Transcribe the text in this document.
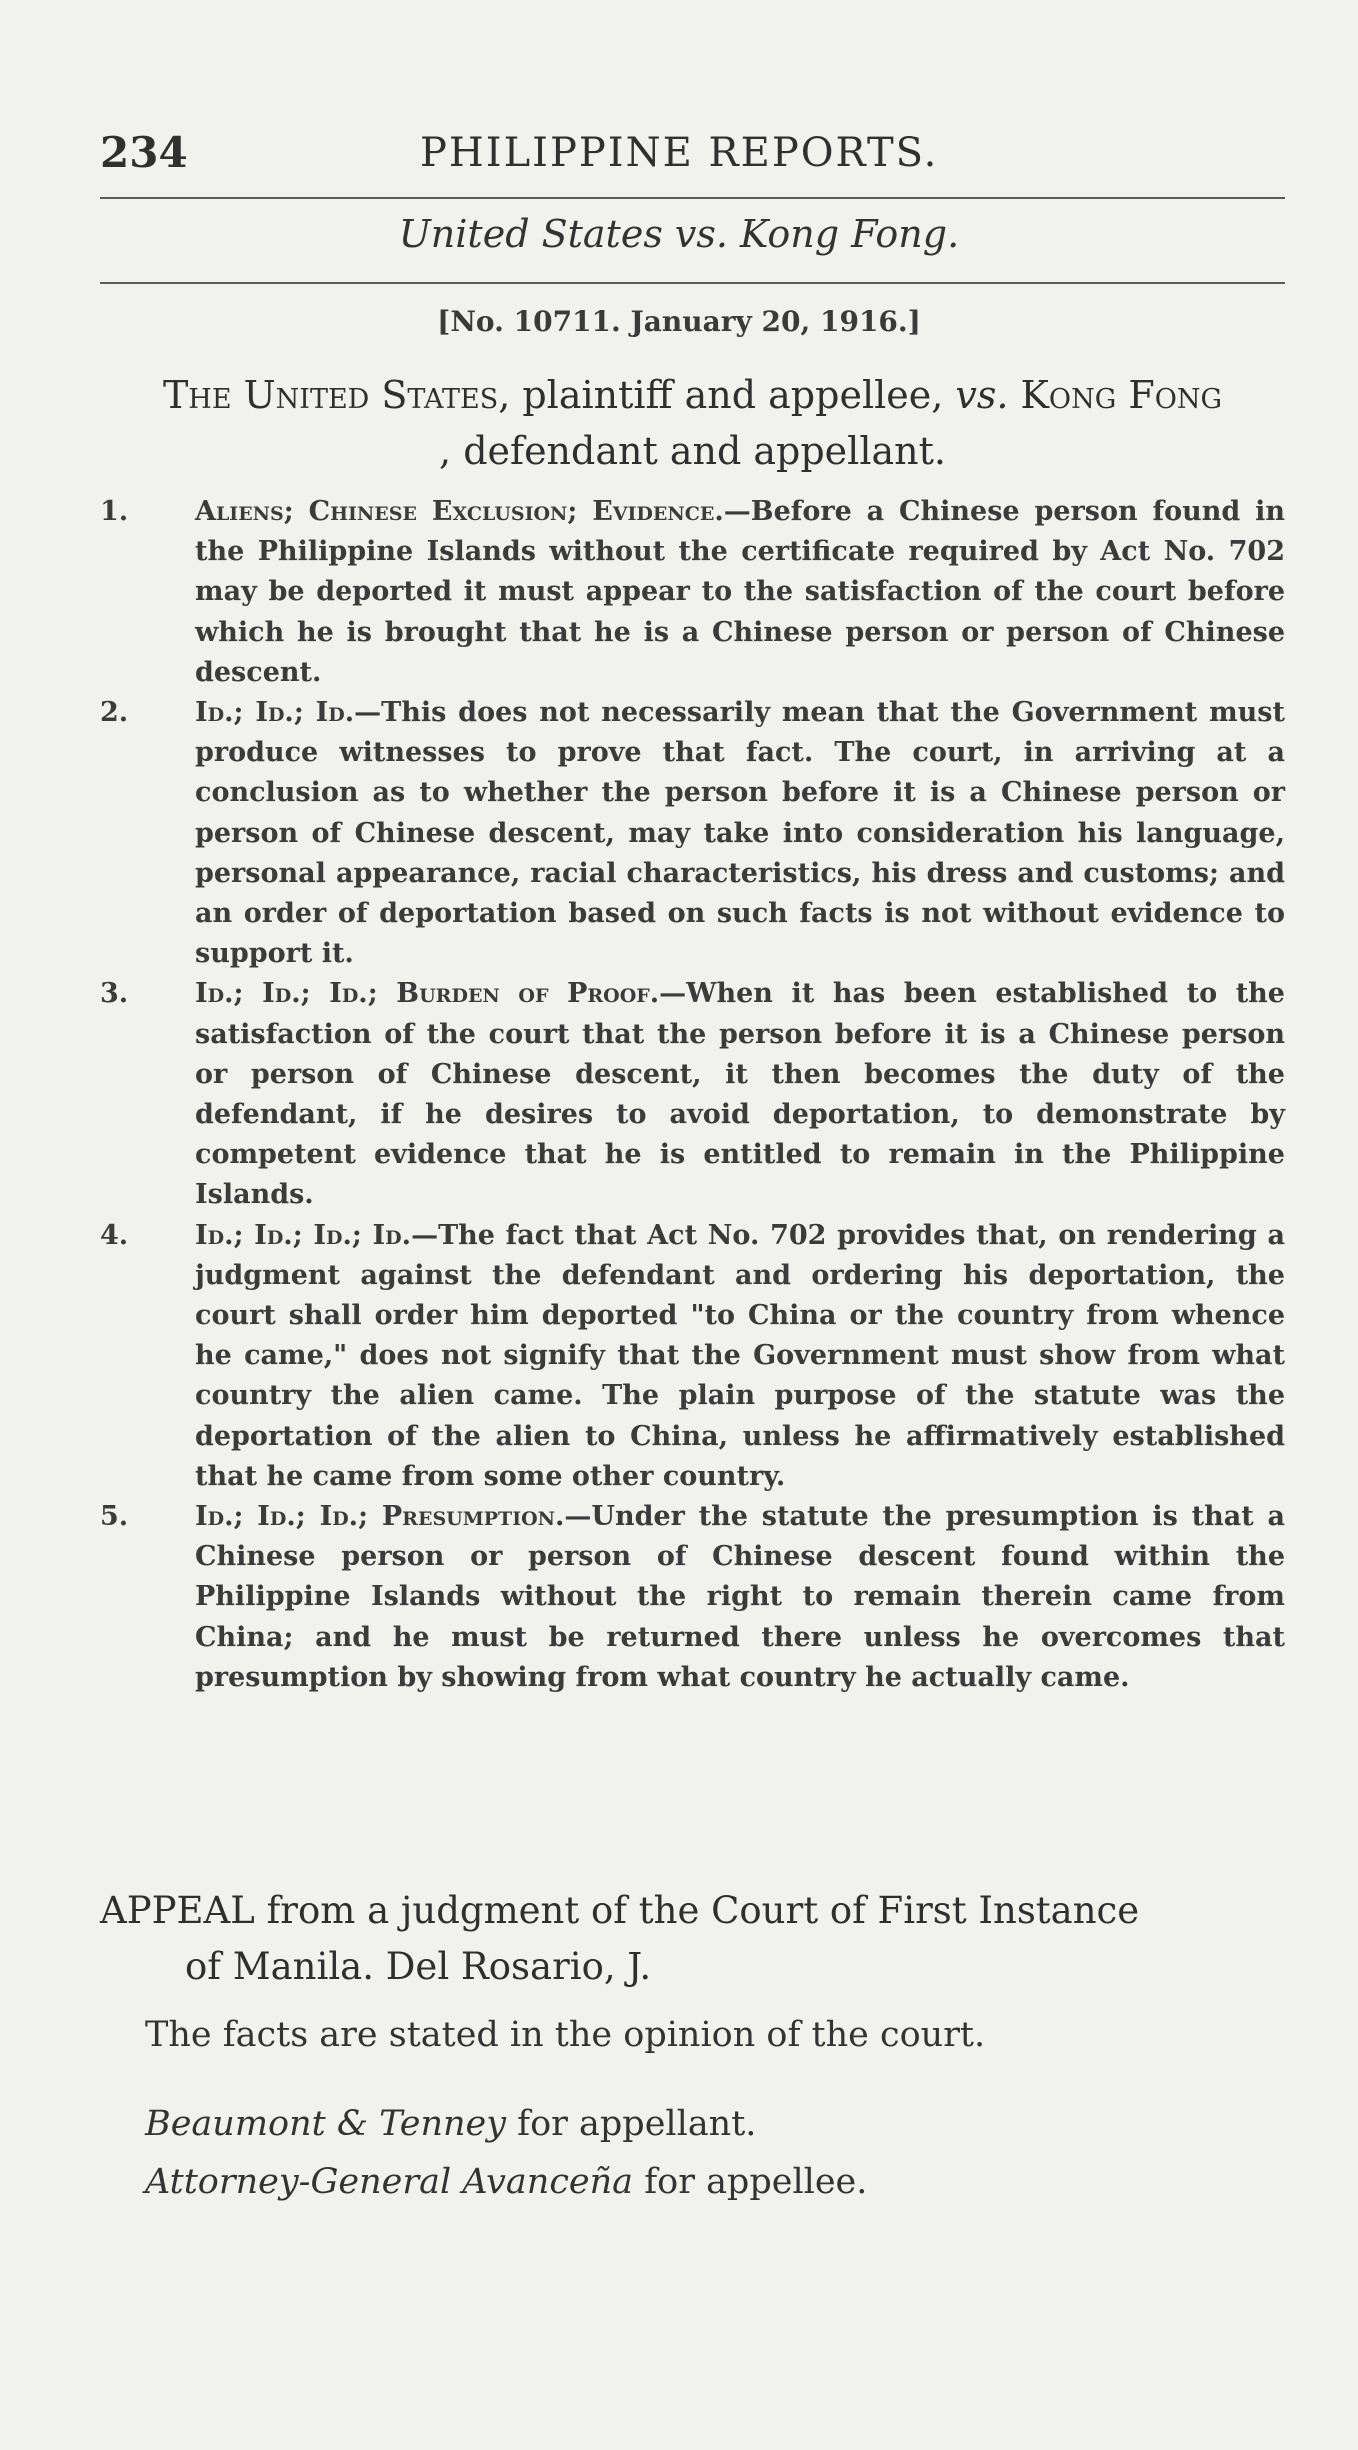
234	PHILIPPINE REPORTS.
United States vs. Kong Fong.
[No. 10711. January 20, 1916.]
The United States, plaintiff and appellee, vs. Kong Fong
, defendant and appellant.
1.	Aliens; Chinese Exclusion; Evidence.—Before a Chinese person found in the Philippine Islands without the certificate required by Act No. 702 may be deported it must appear to the satisfaction of the court before which he is brought that he is a Chinese person or person of Chinese descent.
2.	Id.; Id.; Id.—This does not necessarily mean that the Government must produce witnesses to prove that fact. The court, in arriving at a conclusion as to whether the person before it is a Chinese person or person of Chinese descent, may take into consideration his language, personal appearance, racial characteristics, his dress and customs; and an order of deportation based on such facts is not without evidence to support it.
3.	Id.; Id.; Id.; Burden of Proof.—When it has been established to the satisfaction of the court that the person before it is a Chinese person or person of Chinese descent, it then becomes the duty of the defendant, if he desires to avoid deportation, to demonstrate by competent evidence that he is entitled to remain in the Philippine Islands.
4.	Id.; Id.; Id.; Id.—The fact that Act No. 702 provides that, on rendering a judgment against the defendant and ordering his deportation, the court shall order him deported "to China or the country from whence he came," does not signify that the Government must show from what country the alien came. The plain purpose of the statute was the deportation of the alien to China, unless he affirmatively established that he came from some other country.
5.	Id.; Id.; Id.; Presumption.—Under the statute the presumption is that a Chinese person or person of Chinese descent found within the Philippine Islands without the right to remain therein came from China; and he must be returned there unless he overcomes that presumption by showing from what country he actually came.
APPEAL from a judgment of the Court of First Instance
of Manila. Del Rosario, J.
The facts are stated in the opinion of the court.
Beaumont & Tenney for appellant.
Attorney-General Avanceña for appellee.
